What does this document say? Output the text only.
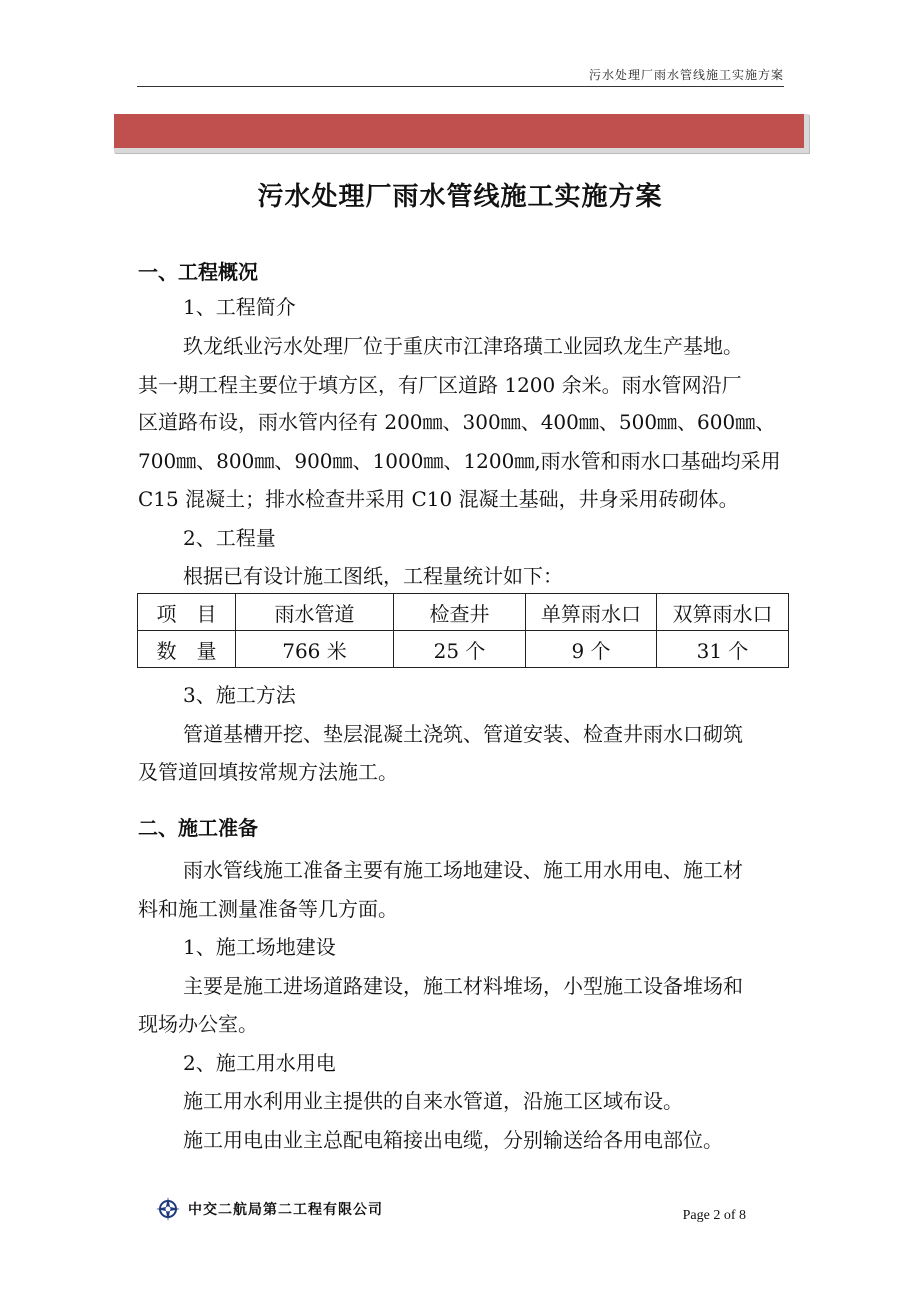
污水处理厂雨水管线施工实施方案
污水处理厂雨水管线施工实施方案
一、工程概况
1、工程简介
玖龙纸业污水处理厂位于重庆市江津珞璜工业园玖龙生产基地。
其一期工程主要位于填方区，有厂区道路 1200 余米。雨水管网沿厂
区道路布设，雨水管内径有 200㎜、300㎜、400㎜、500㎜、600㎜、
700㎜、800㎜、900㎜、1000㎜、1200㎜,雨水管和雨水口基础均采用
C15 混凝土；排水检查井采用 C10 混凝土基础，井身采用砖砌体。
2、工程量
根据已有设计施工图纸，工程量统计如下：
项　目	雨水管道	检查井	单箅雨水口	双箅雨水口
数　量	766 米	25 个	9 个	31 个
3、施工方法
管道基槽开挖、垫层混凝土浇筑、管道安装、检查井雨水口砌筑
及管道回填按常规方法施工。
二、施工准备
雨水管线施工准备主要有施工场地建设、施工用水用电、施工材
料和施工测量准备等几方面。
1、施工场地建设
主要是施工进场道路建设，施工材料堆场，小型施工设备堆场和
现场办公室。
2、施工用水用电
施工用水利用业主提供的自来水管道，沿施工区域布设。
施工用电由业主总配电箱接出电缆，分别输送给各用电部位。
中交二航局第二工程有限公司	Page 2 of 8
